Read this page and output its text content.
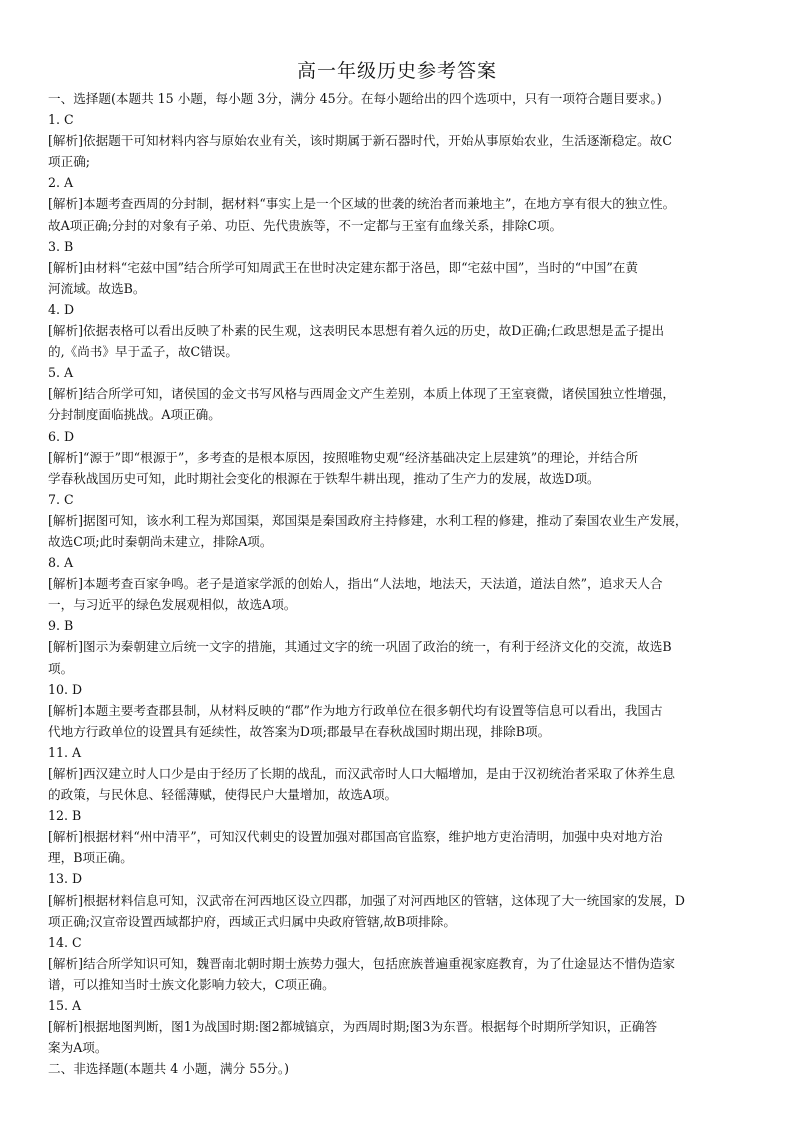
高一年级历史参考答案
一、选择题(本题共 15 小题，每小题 3分，满分 45分。在每小题给出的四个选项中，只有一项符合题目要求。)
1. C
[解析]依据题干可知材料内容与原始农业有关，该时期属于新石器时代，开始从事原始农业，生活逐渐稳定。故C
项正确;
2. A
[解析]本题考查西周的分封制，据材料“事实上是一个区域的世袭的统治者而兼地主”，在地方享有很大的独立性。
故A项正确;分封的对象有子弟、功臣、先代贵族等，不一定都与王室有血缘关系，排除C项。
3. B
[解析]由材料“宅兹中国”结合所学可知周武王在世时决定建东都于洛邑，即“宅兹中国”，当时的“中国”在黄
河流域。故选B。
4. D
[解析]依据表格可以看出反映了朴素的民生观，这表明民本思想有着久远的历史，故D正确;仁政思想是孟子提出
的,《尚书》早于孟子，故C错误。
5. A
[解析]结合所学可知，诸侯国的金文书写风格与西周金文产生差别，本质上体现了王室衰微，诸侯国独立性增强，
分封制度面临挑战。A项正确。
6. D
[解析]“源于”即“根源于”，多考查的是根本原因，按照唯物史观“经济基础决定上层建筑”的理论，并结合所
学春秋战国历史可知，此时期社会变化的根源在于铁犁牛耕出现，推动了生产力的发展，故选D项。
7. C
[解析]据图可知，该水利工程为郑国渠，郑国渠是秦国政府主持修建，水利工程的修建，推动了秦国农业生产发展，
故选C项;此时秦朝尚未建立，排除A项。
8. A
[解析]本题考查百家争鸣。老子是道家学派的创始人，指出“人法地，地法天，天法道，道法自然”，追求天人合
一，与习近平的绿色发展观相似，故选A项。
9. B
[解析]图示为秦朝建立后统一文字的措施，其通过文字的统一巩固了政治的统一，有利于经济文化的交流，故选B
项。
10. D
[解析]本题主要考查郡县制，从材料反映的“郡”作为地方行政单位在很多朝代均有设置等信息可以看出，我国古
代地方行政单位的设置具有延续性，故答案为D项;郡最早在春秋战国时期出现，排除B项。
11. A
[解析]西汉建立时人口少是由于经历了长期的战乱，而汉武帝时人口大幅增加，是由于汉初统治者采取了休养生息
的政策，与民休息、轻徭薄赋，使得民户大量增加，故选A项。
12. B
[解析]根据材料“州中清平”，可知汉代刺史的设置加强对郡国高官监察，维护地方吏治清明，加强中央对地方治
理，B项正确。
13. D
[解析]根据材料信息可知，汉武帝在河西地区设立四郡，加强了对河西地区的管辖，这体现了大一统国家的发展，D
项正确;汉宣帝设置西域都护府，西域正式归属中央政府管辖,故B项排除。
14. C
[解析]结合所学知识可知，魏晋南北朝时期士族势力强大，包括庶族普遍重视家庭教育，为了仕途显达不惜伪造家
谱，可以推知当时士族文化影响力较大，C项正确。
15. A
[解析]根据地图判断，图1为战国时期:图2都城镐京，为西周时期;图3为东晋。根据每个时期所学知识，正确答
案为A项。
二、非选择题(本题共 4 小题，满分 55分。)
